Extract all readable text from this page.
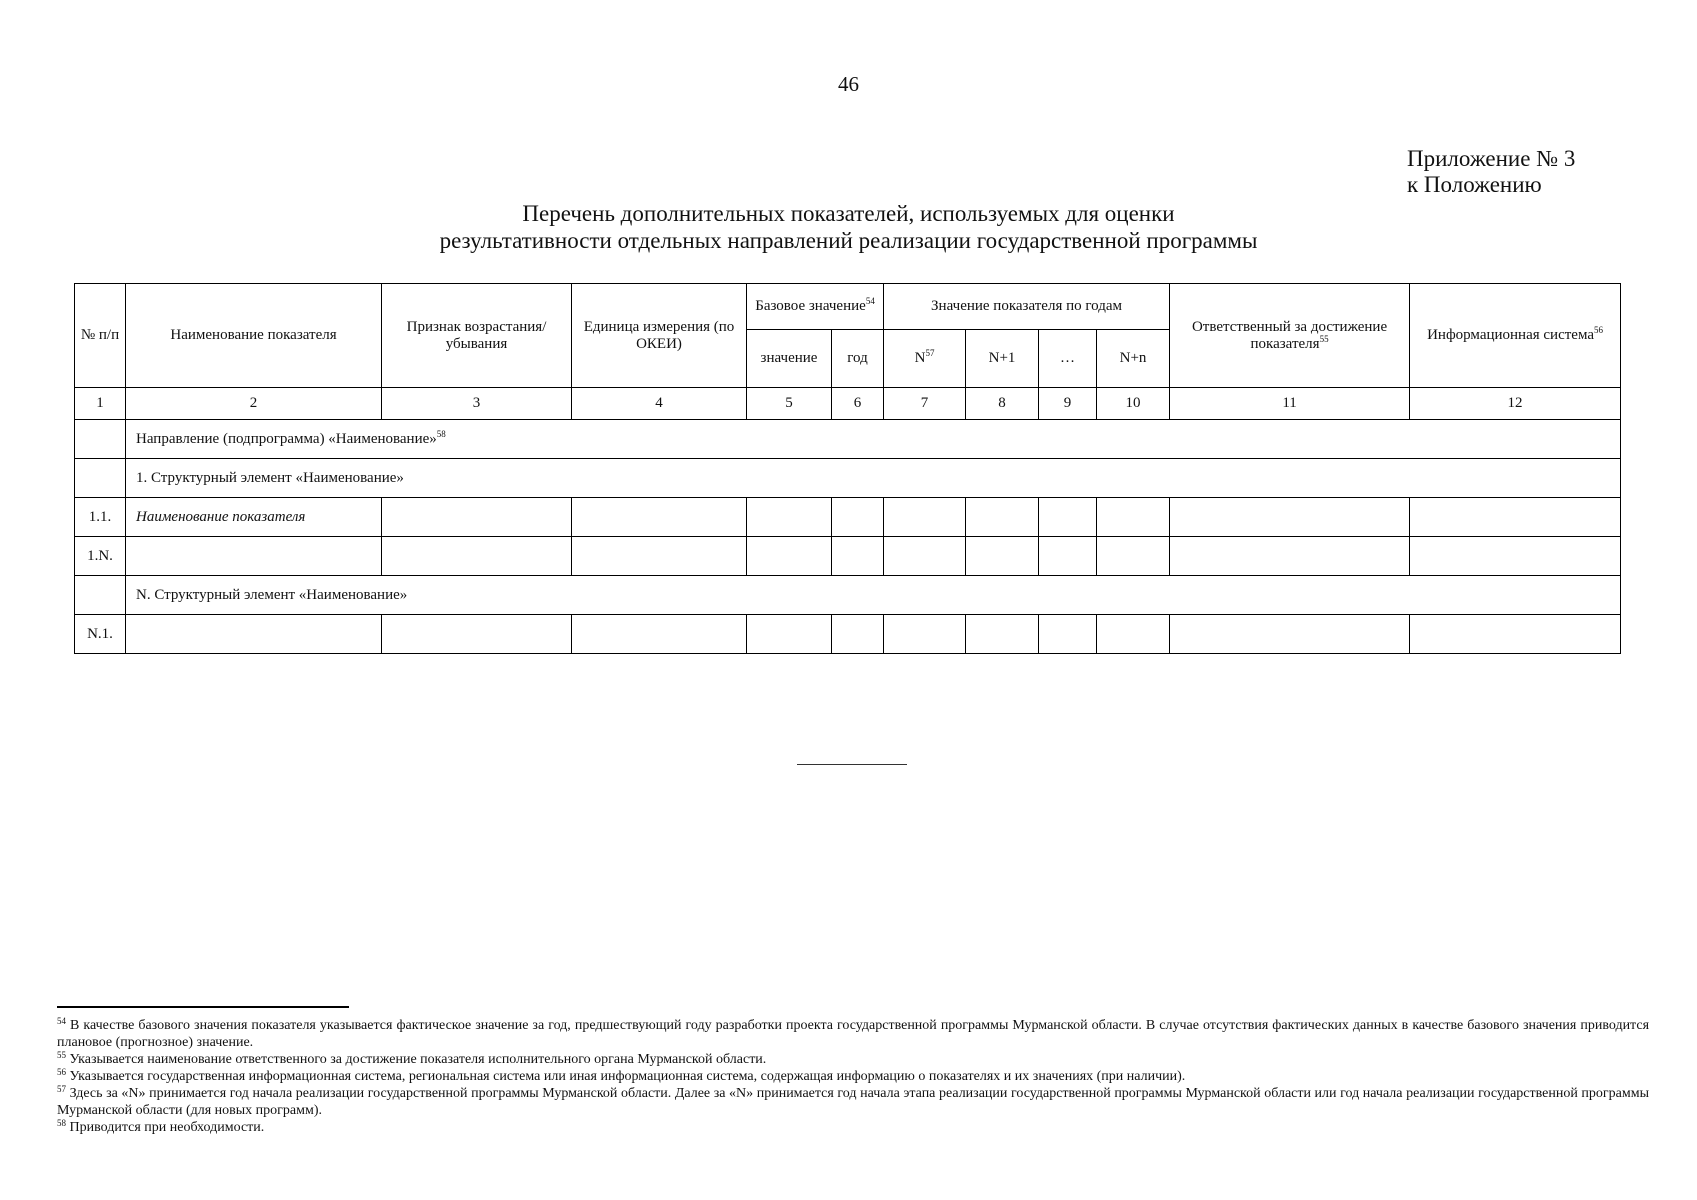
46
Приложение № 3
к Положению
Перечень дополнительных показателей, используемых для оценки
результативности отдельных направлений реализации государственной программы
№ п/п	Наименование показателя	Признак возрастания/ убывания	Единица измерения (по ОКЕИ)	Базовое значение$^{54}$		Значение показателя по годам				Ответственный за достижение показателя$^{55}$	Информационная система$^{56}$
				значение	год	$N^{57}$	N+1	…	N+n		
1	2	3	4	5	6	7	8	9	10	11	12
	Направление (подпрограмма) «Наименование»$^{58}$
	1. Структурный элемент «Наименование»										
1.1.	Наименование показателя										
1.N.											
	N. Структурный элемент «Наименование»										
N.1.											

$^{54}$ В качестве базового значения показателя указывается фактическое значение за год, предшествующий году разработки проекта государственной программы Мурманской области. В случае отсутствия фактических данных в качестве базового значения приводится плановое (прогнозное) значение.

$^{55}$ Указывается наименование ответственного за достижение показателя исполнительного органа Мурманской области.

$^{56}$ Указывается государственная информационная система, региональная система или иная информационная система, содержащая информацию о показателях и их значениях (при наличии).

$^{57}$ Здесь за «N» принимается год начала реализации государственной программы Мурманской области. Далее за «N» принимается год начала этапа реализации государственной программы Мурманской области или год начала реализации государственной программы Мурманской области (для новых программ).

$^{58}$ Приводится при необходимости.
